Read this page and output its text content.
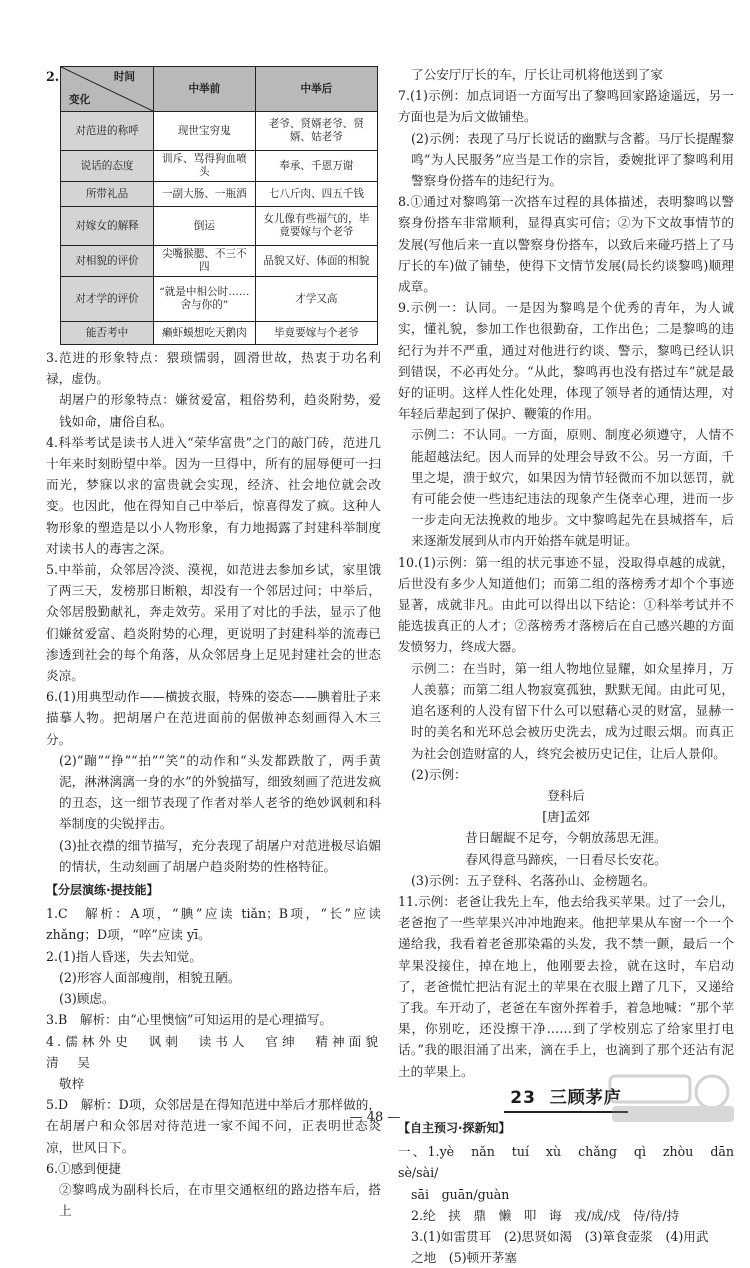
2.	时间
变化	中举前	中举后
对范进的称呼	现世宝穷鬼	老爷、贤婿老爷、贤婿、姑老爷
说话的态度	训斥、骂得狗血喷头	奉承、千恩万谢
所带礼品	一副大肠、一瓶酒	七八斤肉、四五千钱
对嫁女的解释	倒运	女儿像有些福气的，毕竟要嫁与个老爷
对相貌的评价	尖嘴猴腮、不三不四	品貌又好、体面的相貌
对才学的评价	“就是中相公时……舍与你的”	才学又高
能否考中	癞虾蟆想吃天鹅肉	毕竟要嫁与个老爷

3.范进的形象特点：猥琐懦弱，圆滑世故，热衷于功名利禄，虚伪。

胡屠户的形象特点：嫌贫爱富，粗俗势利，趋炎附势，爱钱如命，庸俗自私。

4.科举考试是读书人进入“荣华富贵”之门的敲门砖，范进几十年来时刻盼望中举。因为一旦得中，所有的屈辱便可一扫而光，梦寐以求的富贵就会实现，经济、社会地位就会改变。也因此，他在得知自己中举后，惊喜得发了疯。这种人物形象的塑造是以小人物形象，有力地揭露了封建科举制度对读书人的毒害之深。

5.中举前，众邻居冷淡、漠视，如范进去参加乡试，家里饿了两三天，发榜那日断粮，却没有一个邻居过问；中举后，众邻居殷勤献礼，奔走效劳。采用了对比的手法，显示了他们嫌贫爱富、趋炎附势的心理，更说明了封建科举的流毒已渗透到社会的每个角落，从众邻居身上足见封建社会的世态炎凉。

6.(1)用典型动作——横披衣服，特殊的姿态——腆着肚子来描摹人物。把胡屠户在范进面前的倨傲神态刻画得入木三分。

(2)“蹦”“挣”“拍”“笑”的动作和“头发都跌散了，两手黄泥，淋淋漓漓一身的水”的外貌描写，细致刻画了范进发疯的丑态，这一细节表现了作者对举人老爷的绝妙讽刺和科举制度的尖锐抨击。

(3)扯衣襟的细节描写，充分表现了胡屠户对范进极尽谄媚的情状，生动刻画了胡屠户趋炎附势的性格特征。

【分层演练·提技能】

1.C　解析：A项，“腆”应读 tiǎn；B项，“长”应读 zhǎng；D项，“啐”应读 yī。

2.(1)指人昏迷，失去知觉。

(2)形容人面部瘦削，相貌丑陋。

(3)顾虑。

3.B　解析：由“心里懊恼”可知运用的是心理描写。

4.儒林外史　讽刺　读书人　官绅　精神面貌　清　吴

敬梓

5.D　解析：D项，众邻居是在得知范进中举后才那样做的，在胡屠户和众邻居对待范进一家不闻不问，正表明世态炎凉，世风日下。

6.①感到便捷

②黎鸣成为副科长后，在市里交通枢纽的路边搭车后，搭上

了公安厅厅长的车，厅长让司机将他送到了家

7.(1)示例：加点词语一方面写出了黎鸣回家路途遥远，另一方面也是为后文做铺垫。

(2)示例：表现了马厅长说话的幽默与含蓄。马厅长提醒黎鸣“为人民服务”应当是工作的宗旨，委婉批评了黎鸣利用警察身份搭车的违纪行为。

8.①通过对黎鸣第一次搭车过程的具体描述，表明黎鸣以警察身份搭车非常顺利，显得真实可信；②为下文故事情节的发展(写他后来一直以警察身份搭车，以致后来碰巧搭上了马厅长的车)做了铺垫，使得下文情节发展(局长约谈黎鸣)顺理成章。

9.示例一：认同。一是因为黎鸣是个优秀的青年，为人诚实，懂礼貌，参加工作也很勤奋，工作出色；二是黎鸣的违纪行为并不严重，通过对他进行约谈、警示，黎鸣已经认识到错误，不必再处分。“从此，黎鸣再也没有搭过车”就是最好的证明。这样人性化处理，体现了领导者的通情达理，对年轻后辈起到了保护、鞭策的作用。

示例二：不认同。一方面，原则、制度必须遵守，人情不能超越法纪。因人而异的处理会导致不公。另一方面，千里之堤，溃于蚁穴，如果因为情节轻微而不加以惩罚，就有可能会使一些违纪违法的现象产生侥幸心理，进而一步一步走向无法挽救的地步。文中黎鸣起先在县城搭车，后来逐渐发展到从市内开始搭车就是明证。

10.(1)示例：第一组的状元事迹不显，没取得卓越的成就，后世没有多少人知道他们；而第二组的落榜秀才却个个事迹显著，成就非凡。由此可以得出以下结论：①科举考试并不能选拔真正的人才；②落榜秀才落榜后在自己感兴趣的方面发愤努力，终成大器。

示例二：在当时，第一组人物地位显耀，如众星捧月，万人羡慕；而第二组人物寂寞孤独，默默无闻。由此可见，追名逐利的人没有留下什么可以慰藉心灵的财富，显赫一时的美名和光环总会被历史洗去，成为过眼云烟。而真正为社会创造财富的人，终究会被历史记住，让后人景仰。

(2)示例：

登科后

[唐]孟郊

昔日龌龊不足夸，今朝放荡思无涯。

春风得意马蹄疾，一日看尽长安花。

(3)示例：五子登科、名落孙山、金榜题名。

11.示例：老爸让我先上车，他去给我买苹果。过了一会儿，老爸抱了一些苹果兴冲冲地跑来。他把苹果从车窗一个一个递给我，我看着老爸那染霜的头发，我不禁一颤，最后一个苹果没接住，掉在地上，他刚要去捡，就在这时，车启动了，老爸慌忙把沾有泥土的苹果在衣服上蹭了几下，又递给了我。车开动了，老爸在车窗外挥着手，着急地喊：“那个苹果，你别吃，还没擦干净……到了学校别忘了给家里打电话。”我的眼泪涌了出来，滴在手上，也滴到了那个还沾有泥土的苹果上。

23 三顾茅庐
【自主预习·探新知】

一、1.yè　nǎn　tuí　xù　chǎng　qì　zhòu　dān　sè/sài/

sāi　guān/guàn

2.纶　挟　鼎　懒　叩　诲　戎/成/戍　侍/待/持

3.(1)如雷贯耳　(2)思贤如渴　(3)箪食壶浆　(4)用武

之地　(5)顿开茅塞

— 48 —
